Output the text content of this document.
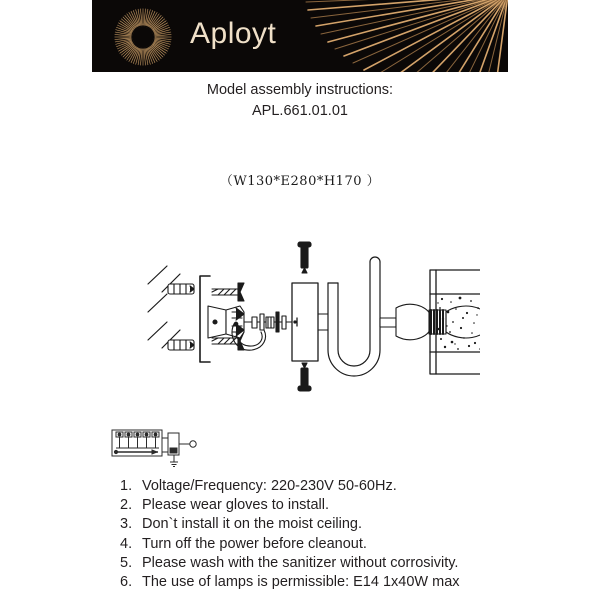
Aployt
Model assembly instructions:
APL.661.01.01
（W130*E280*H170 ）
1. Voltage/Frequency: 220-230V 50-60Hz.
2. Please wear gloves to install.
3. Don`t install it on the moist ceiling.
4. Turn off the power before cleanout.
5. Please wash with the sanitizer without corrosivity.
6. The use of lamps is permissible: E14 1x40W max
